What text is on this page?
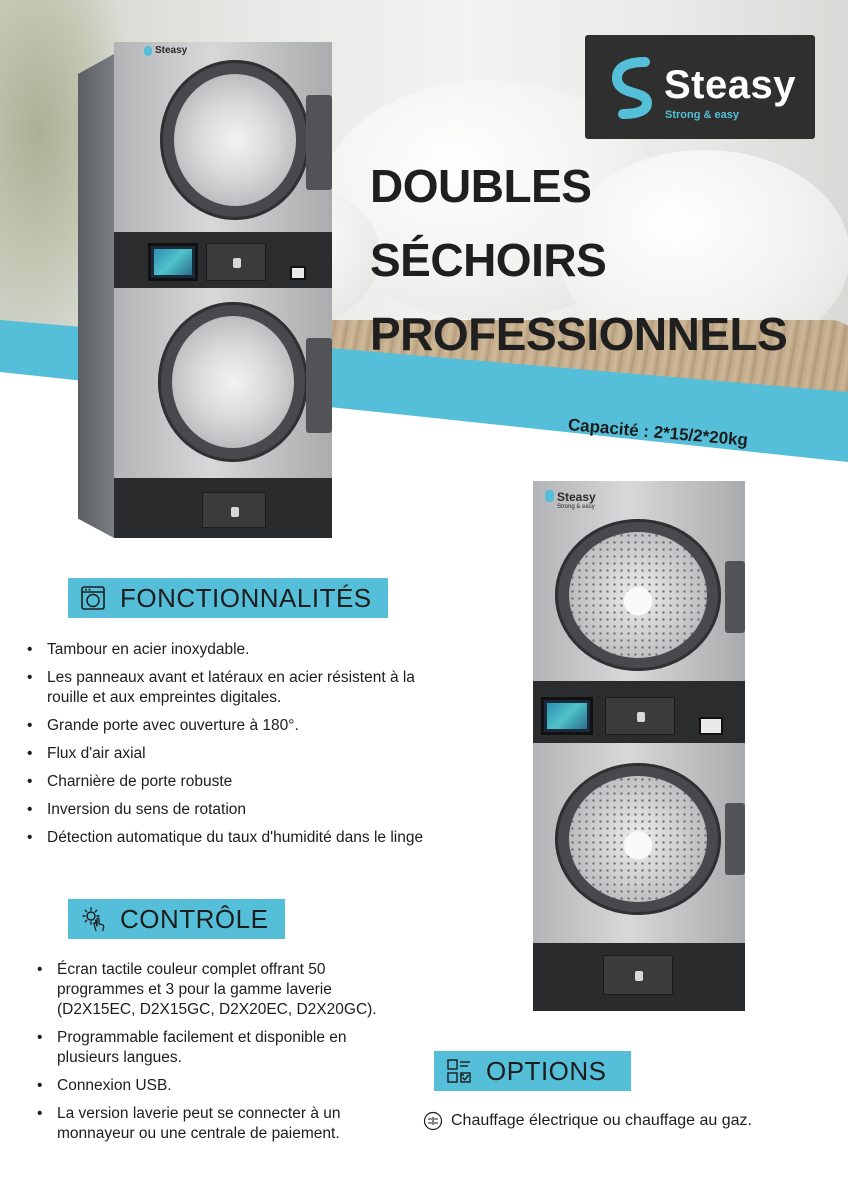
Capacité : 2*15/2*20kg
Steasy
Strong & easy
DOUBLES
SÉCHOIRS
PROFESSIONNELS
Steasy
Steasy
Strong & easy
FONCTIONNALITÉS
• Tambour en acier inoxydable.
• Les panneaux avant et latéraux en acier résistent à la rouille et aux empreintes digitales.
• Grande porte avec ouverture à 180°.
• Flux d'air axial
• Charnière de porte robuste
• Inversion du sens de rotation
• Détection automatique du taux d'humidité dans le linge
CONTRÔLE
• Écran tactile couleur complet offrant 50 programmes et 3 pour la gamme laverie (D2X15EC, D2X15GC, D2X20EC, D2X20GC).
• Programmable facilement et disponible en plusieurs langues.
• Connexion USB.
• La version laverie peut se connecter à un monnayeur ou une centrale de paiement.
OPTIONS
Chauffage électrique ou chauffage au gaz.
